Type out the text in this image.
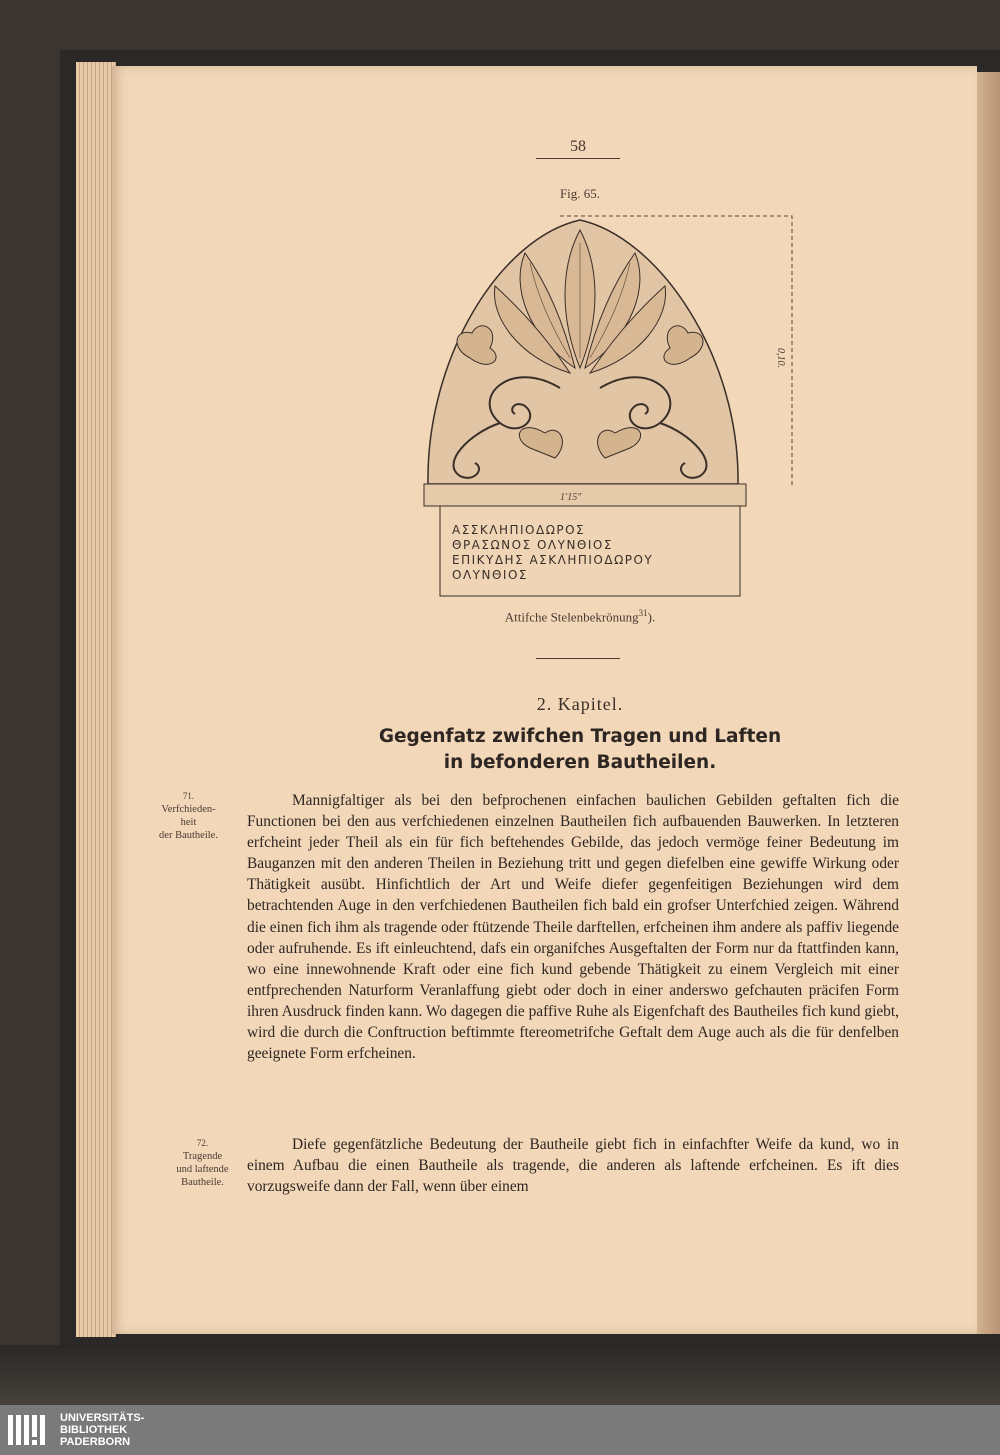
58
Fig. 65.
0,10.
1′15″
ΑΣΣΚΛΗΠΙΟΔΩΡΟΣ
ΘΡΑΣΩΝΟΣ ΟΛΥΝΘΙΟΣ
ΕΠΙΚΥΔΗΣ ΑΣΚΛΗΠΙΟΔΩΡΟΥ
ΟΛΥΝΘΙΟΣ
Attifche Stelenbekrönung$^{31}$).
2. Kapitel.
Gegenfatz zwifchen Tragen und Laften
in befonderen Bautheilen.
71.
Verfchieden-
heit
der Bautheile.
Mannigfaltiger als bei den befprochenen einfachen baulichen Gebilden geftalten fich die Functionen bei den aus verfchiedenen einzelnen Bautheilen fich aufbauenden Bauwerken. In letzteren erfcheint jeder Theil als ein für fich beftehendes Gebilde, das jedoch vermöge feiner Bedeutung im Bauganzen mit den anderen Theilen in Beziehung tritt und gegen diefelben eine gewiffe Wirkung oder Thätigkeit ausübt. Hinfichtlich der Art und Weife diefer gegenfeitigen Beziehungen wird dem betrachtenden Auge in den verfchiedenen Bautheilen fich bald ein grofser Unterfchied zeigen. Während die einen fich ihm als tragende oder ftützende Theile darftellen, erfcheinen ihm andere als paffiv liegende oder aufruhende. Es ift einleuchtend, dafs ein organifches Ausgeftalten der Form nur da ftattfinden kann, wo eine innewohnende Kraft oder eine fich kund gebende Thätigkeit zu einem Vergleich mit einer entfprechenden Naturform Veranlaffung giebt oder doch in einer anderswo gefchauten präcifen Form ihren Ausdruck finden kann. Wo dagegen die paffive Ruhe als Eigenfchaft des Bautheiles fich kund giebt, wird die durch die Conftruction beftimmte ftereometrifche Geftalt dem Auge auch als die für denfelben geeignete Form erfcheinen.
72.
Tragende
und laftende
Bautheile.
Diefe gegenfätzliche Bedeutung der Bautheile giebt fich in einfachfter Weife da kund, wo in einem Aufbau die einen Bautheile als tragende, die anderen als laftende erfcheinen. Es ift dies vorzugsweife dann der Fall, wenn über einem
UNIVERSITÄTS-
BIBLIOTHEK
PADERBORN
